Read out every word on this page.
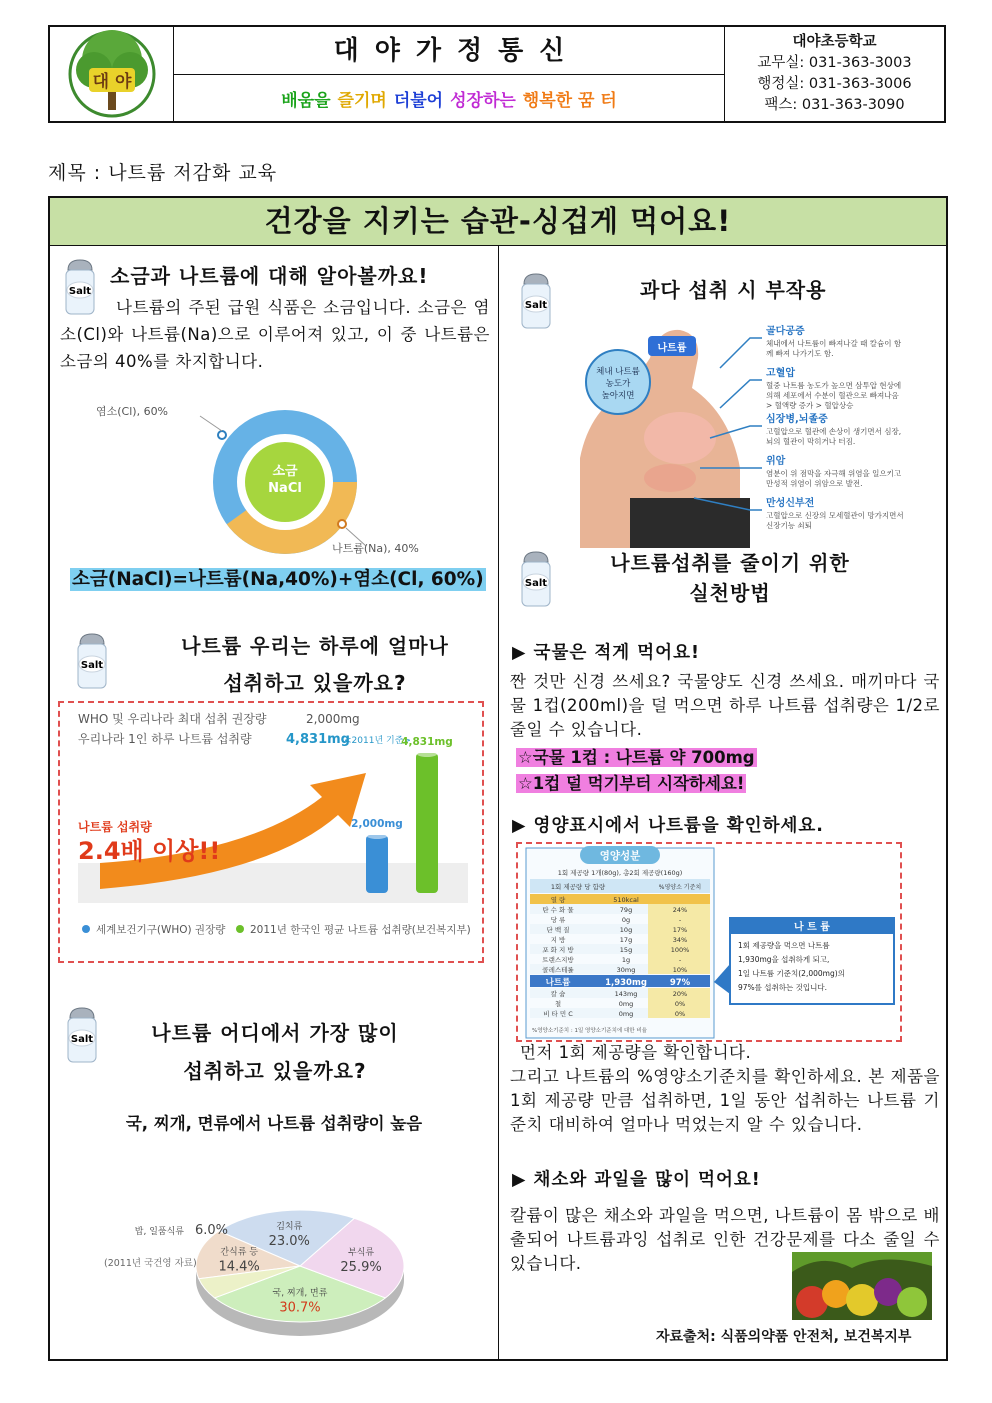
대 야
대야가정통신
배움을 즐기며 더불어 성장하는 행복한 꿈 터
대야초등학교
교무실: 031-363-3003
행정실: 031-363-3006
팩스: 031-363-3090
제목 : 나트륨 저감화 교육
건강을 지키는 습관-싱겁게 먹어요!
Salt
소금과 나트륨에 대해 알아볼까요!
나트륨의 주된 급원 식품은 소금입니다. 소금은 염소(Cl)와 나트륨(Na)으로 이루어져 있고, 이 중 나트륨은 소금의 40%를 차지합니다.
소금
NaCl
염소(Cl), 60%
나트륨(Na), 40%
소금(NaCl)=나트륨(Na,40%)+염소(Cl, 60%)
Salt
나트륨 우리는 하루에 얼마나
섭취하고 있을까요?
WHO 및 우리나라 최대 섭취 권장량	2,000mg
우리나라 1인 하루 나트륨 섭취량	4,831mg
<2011년 기준>
나트륨 섭취량
2.4배 이상!!
2,000mg
4,831mg
세계보건기구(WHO) 권장량 2011년 한국인 평균 나트륨 섭취량(보건복지부)
Salt	나트륨 어디에서 가장 많이
섭취하고 있을까요?
국, 찌개, 면류에서 나트륨 섭취량이 높음
국, 찌개, 면류
30.7%
부식류
25.9%
김치류
23.0%
간식류 등
14.4%
밥, 일품식류 6.0%
(2011년 국건영 자료)
Salt
과다 섭취 시 부작용
나트륨
체내 나트륨
농도가
높아지면
골다공증
체내에서 나트륨이 빠져나갈 때 칼슘이 함
께 빠져 나가기도 함.
고혈압
혈중 나트륨 농도가 높으면 삼투압 현상에
의해 세포에서 수분이 혈관으로 빠져나옴
> 혈액량 증가 > 혈압상승
심장병,뇌졸중
고혈압으로 혈관에 손상이 생기면서 심장,
뇌의 혈관이 막히거나 터짐.
위암
염분이 위 점막을 자극해 위염을 일으키고
만성적 위염이 위암으로 발전.
만성신부전
고혈압으로 신장의 모세혈관이 망가지면서
신장기능 쇠퇴
Salt
나트륨섭취를 줄이기 위한
실천방법
▶ 국물은 적게 먹어요!
짠 것만 신경 쓰세요? 국물양도 신경 쓰세요. 매끼마다 국물 1컵(200ml)을 덜 먹으면 하루 나트륨 섭취량은 1/2로 줄일 수 있습니다.
☆국물 1컵 : 나트륨 약 700mg
☆1컵 덜 먹기부터 시작하세요!
▶ 영양표시에서 나트륨을 확인하세요.
영양성분
1회 제공량 1개(80g), 총2회 제공량(160g)
1회 제공량 당 함량	%영양소 기준치
열 량	510kcal
탄 수 화 물	79g	24%
당 류	0g	-
단 백 질	10g	17%
지 방	17g	34%
포 화 지 방	15g	100%
트랜스지방	1g	-
콜레스테롤	30mg	10%
나트륨	1,930mg	97%
칼 슘	143mg	20%
철	0mg	0%
비 타 민 C	0mg	0%
%영양소기준치 : 1일 영양소기준치에 대한 비율
나 트 륨
1회 제공량을 먹으면 나트륨
1,930mg을 섭취하게 되고,
1일 나트륨 기준치(2,000mg)의
97%를 섭취하는 것입니다.
먼저 1회 제공량을 확인합니다.
그리고 나트륨의 %영양소기준치를 확인하세요. 본 제품을 1회 제공량 만큼 섭취하면, 1일 동안 섭취하는 나트륨 기준치 대비하여 얼마나 먹었는지 알 수 있습니다.
▶ 채소와 과일을 많이 먹어요!
칼륨이 많은 채소와 과일을 먹으면, 나트륨이 몸 밖으로 배출되어 나트륨과잉 섭취로 인한 건강문제를 다소 줄일 수 있습니다.
자료출처: 식품의약품 안전처, 보건복지부
